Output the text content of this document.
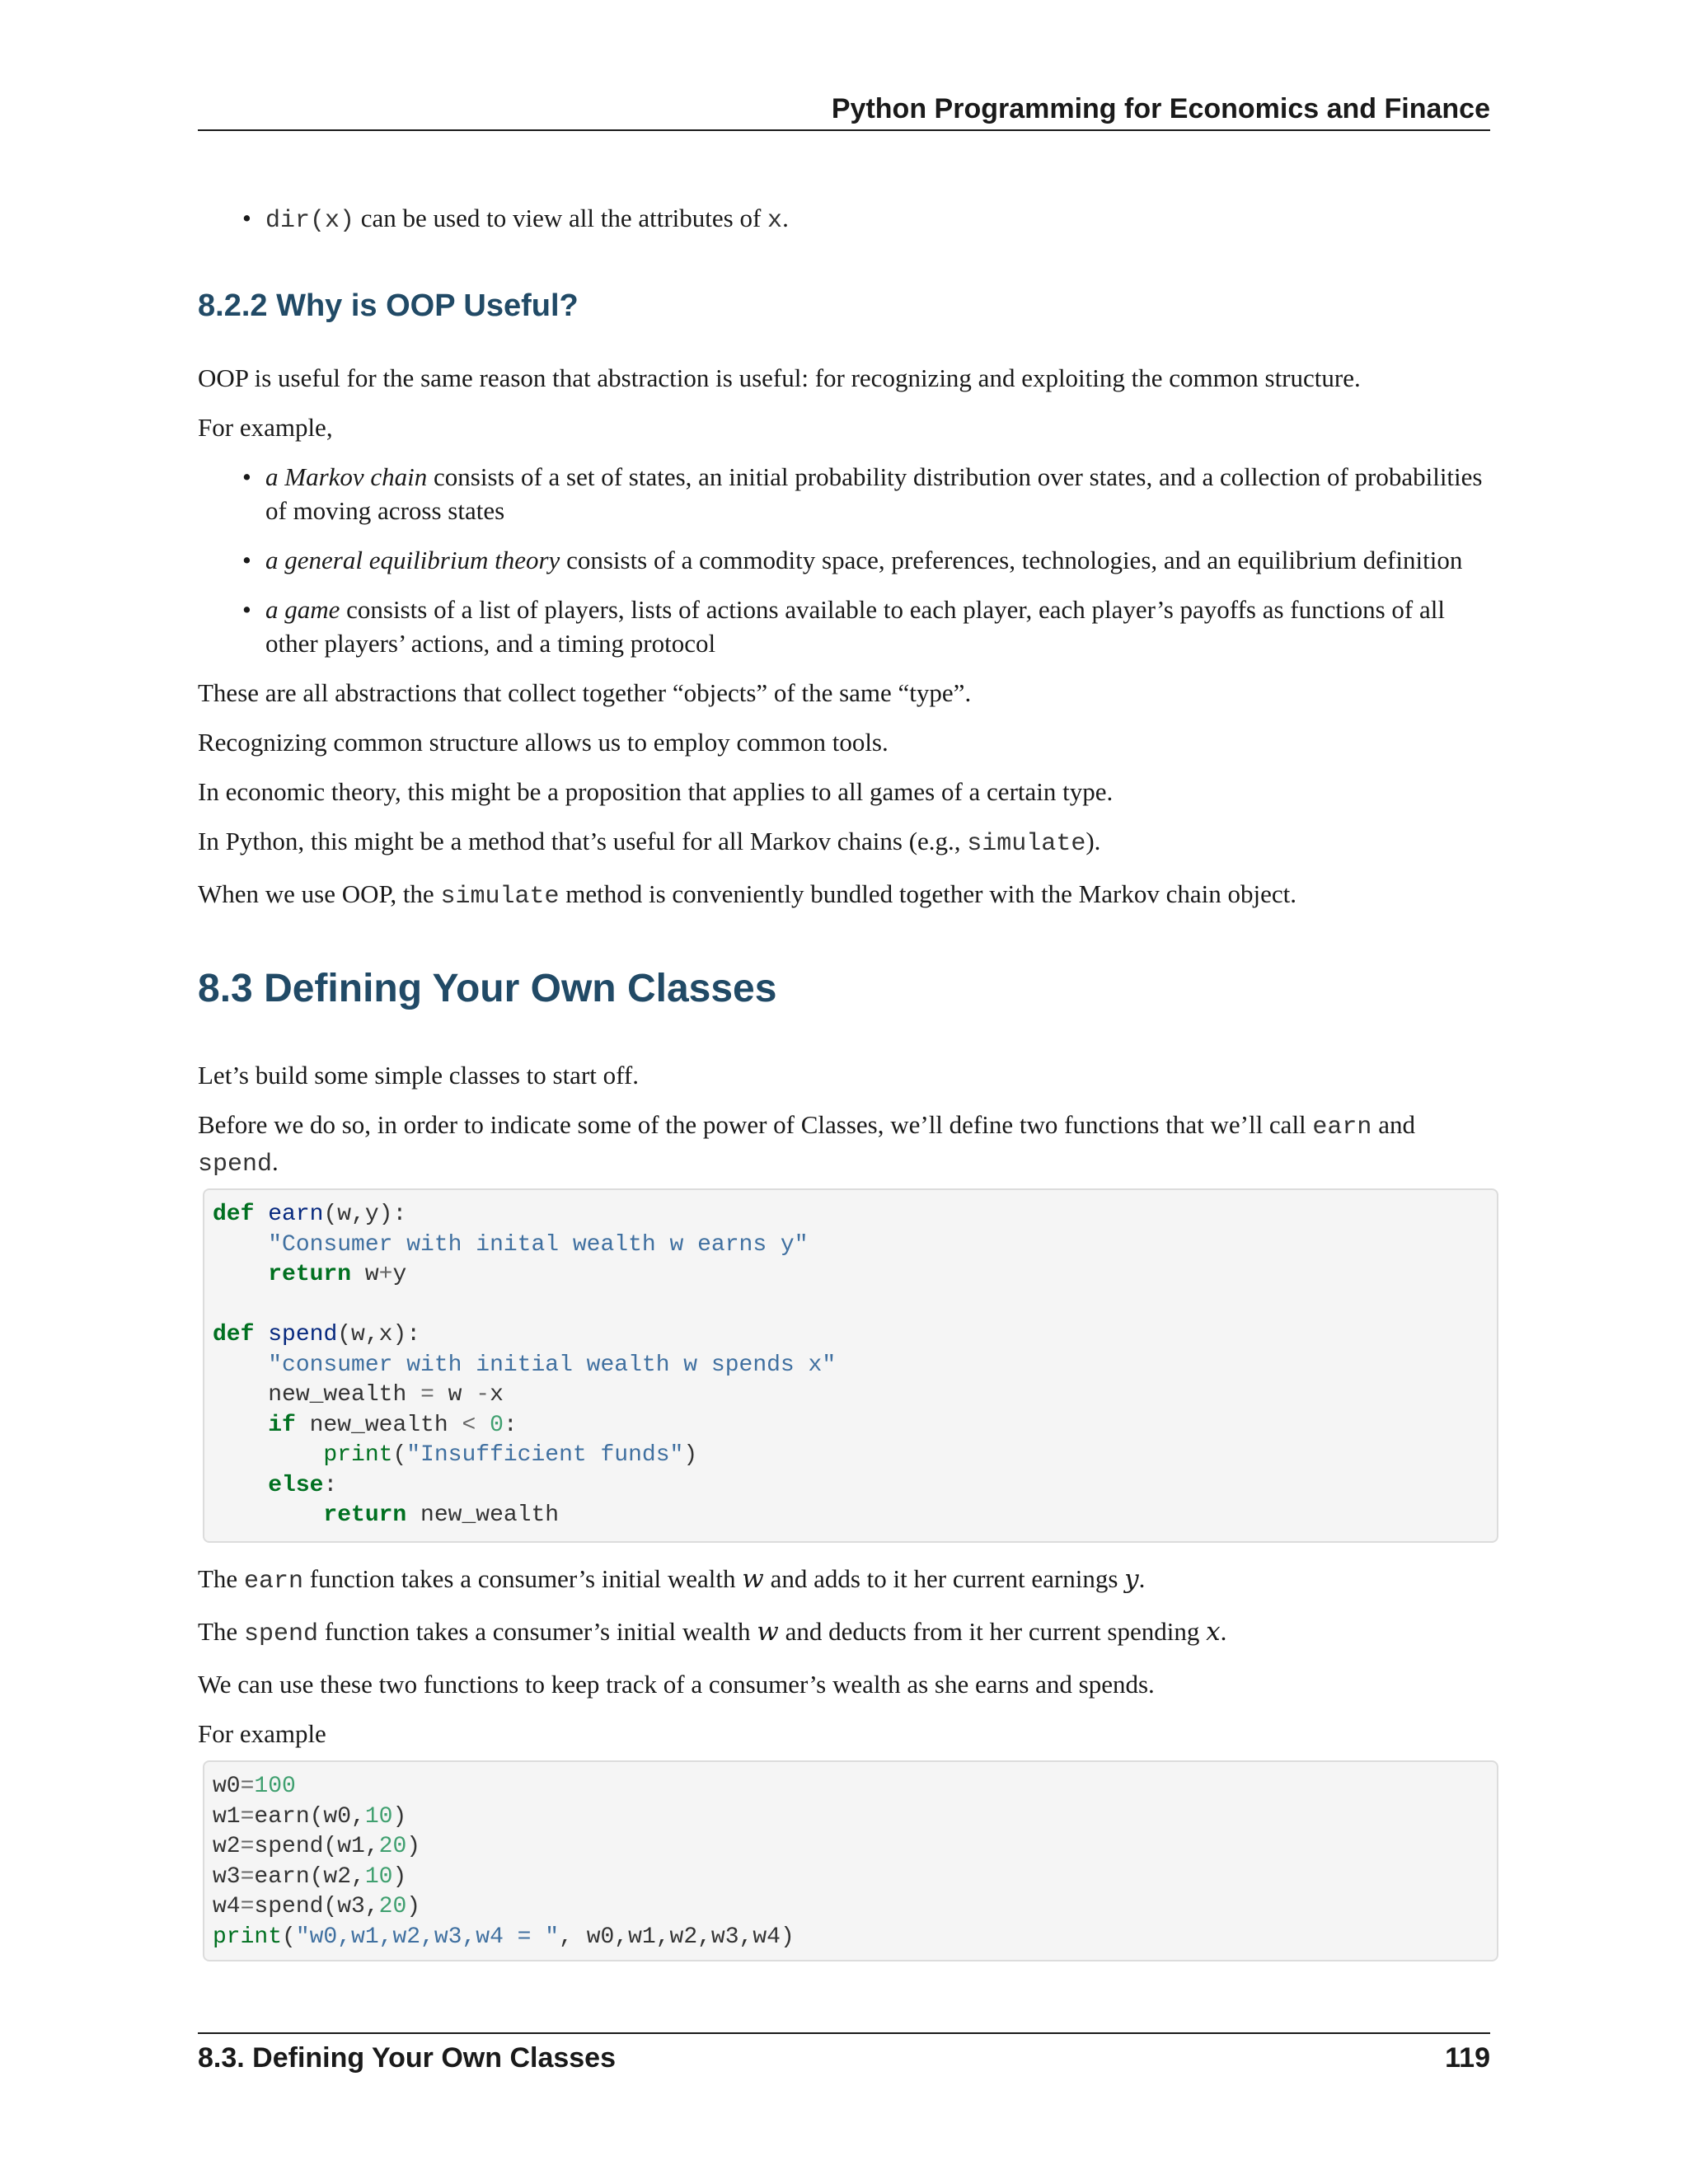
Python Programming for Economics and Finance

• dir(x) can be used to view all the attributes of x.

8.2.2 Why is OOP Useful?

OOP is useful for the same reason that abstraction is useful: for recognizing and exploiting the common structure.

For example,

• a Markov chain consists of a set of states, an initial probability distribution over states, and a collection of probabilities of moving across states

• a general equilibrium theory consists of a commodity space, preferences, technologies, and an equilibrium definition

• a game consists of a list of players, lists of actions available to each player, each player’s payoffs as functions of all other players’ actions, and a timing protocol

These are all abstractions that collect together “objects” of the same “type”.

Recognizing common structure allows us to employ common tools.

In economic theory, this might be a proposition that applies to all games of a certain type.

In Python, this might be a method that’s useful for all Markov chains (e.g., simulate).

When we use OOP, the simulate method is conveniently bundled together with the Markov chain object.

8.3 Defining Your Own Classes

Let’s build some simple classes to start off.

Before we do so, in order to indicate some of the power of Classes, we’ll define two functions that we’ll call earn and spend.

def earn(w,y):
"Consumer with inital wealth w earns y"
return w+y

def spend(w,x):
"consumer with initial wealth w spends x"
new_wealth = w -x
if new_wealth < 0:
print("Insufficient funds")
else:
return new_wealth

The earn function takes a consumer’s initial wealth w and adds to it her current earnings y.

The spend function takes a consumer’s initial wealth w and deducts from it her current spending x.

We can use these two functions to keep track of a consumer’s wealth as she earns and spends.

For example

w0=100
w1=earn(w0,10)
w2=spend(w1,20)
w3=earn(w2,10)
w4=spend(w3,20)
print("w0,w1,w2,w3,w4 = ", w0,w1,w2,w3,w4)
8.3. Defining Your Own Classes	119
